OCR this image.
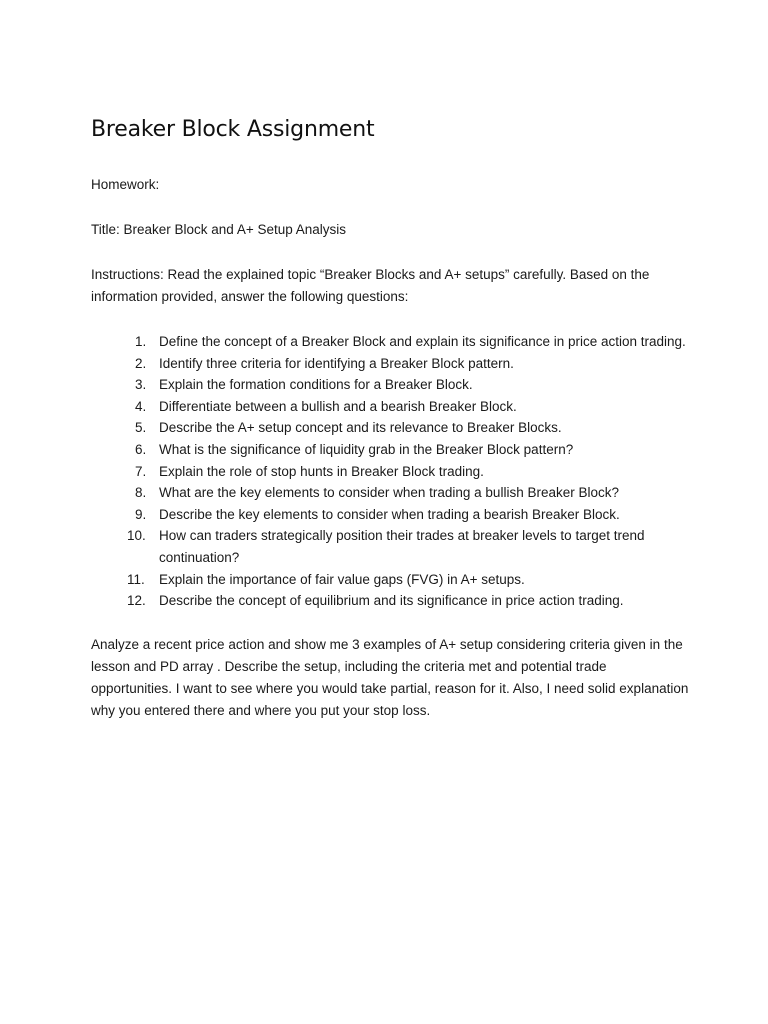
Breaker Block Assignment

Homework:

Title: Breaker Block and A+ Setup Analysis

Instructions: Read the explained topic “Breaker Blocks and A+ setups” carefully. Based on the information provided, answer the following questions:

1. Define the concept of a Breaker Block and explain its significance in price action trading.
2. Identify three criteria for identifying a Breaker Block pattern.
3. Explain the formation conditions for a Breaker Block.
4. Differentiate between a bullish and a bearish Breaker Block.
5. Describe the A+ setup concept and its relevance to Breaker Blocks.
6. What is the significance of liquidity grab in the Breaker Block pattern?
7. Explain the role of stop hunts in Breaker Block trading.
8. What are the key elements to consider when trading a bullish Breaker Block?
9. Describe the key elements to consider when trading a bearish Breaker Block.
10. How can traders strategically position their trades at breaker levels to target trend continuation?
11.	Explain the importance of fair value gaps (FVG) in A+ setups.
12. Describe the concept of equilibrium and its significance in price action trading.

Analyze a recent price action and show me 3 examples of A+ setup considering criteria given in the lesson and PD array . Describe the setup, including the criteria met and potential trade opportunities. I want to see where you would take partial, reason for it. Also, I need solid explanation why you entered there and where you put your stop loss.
